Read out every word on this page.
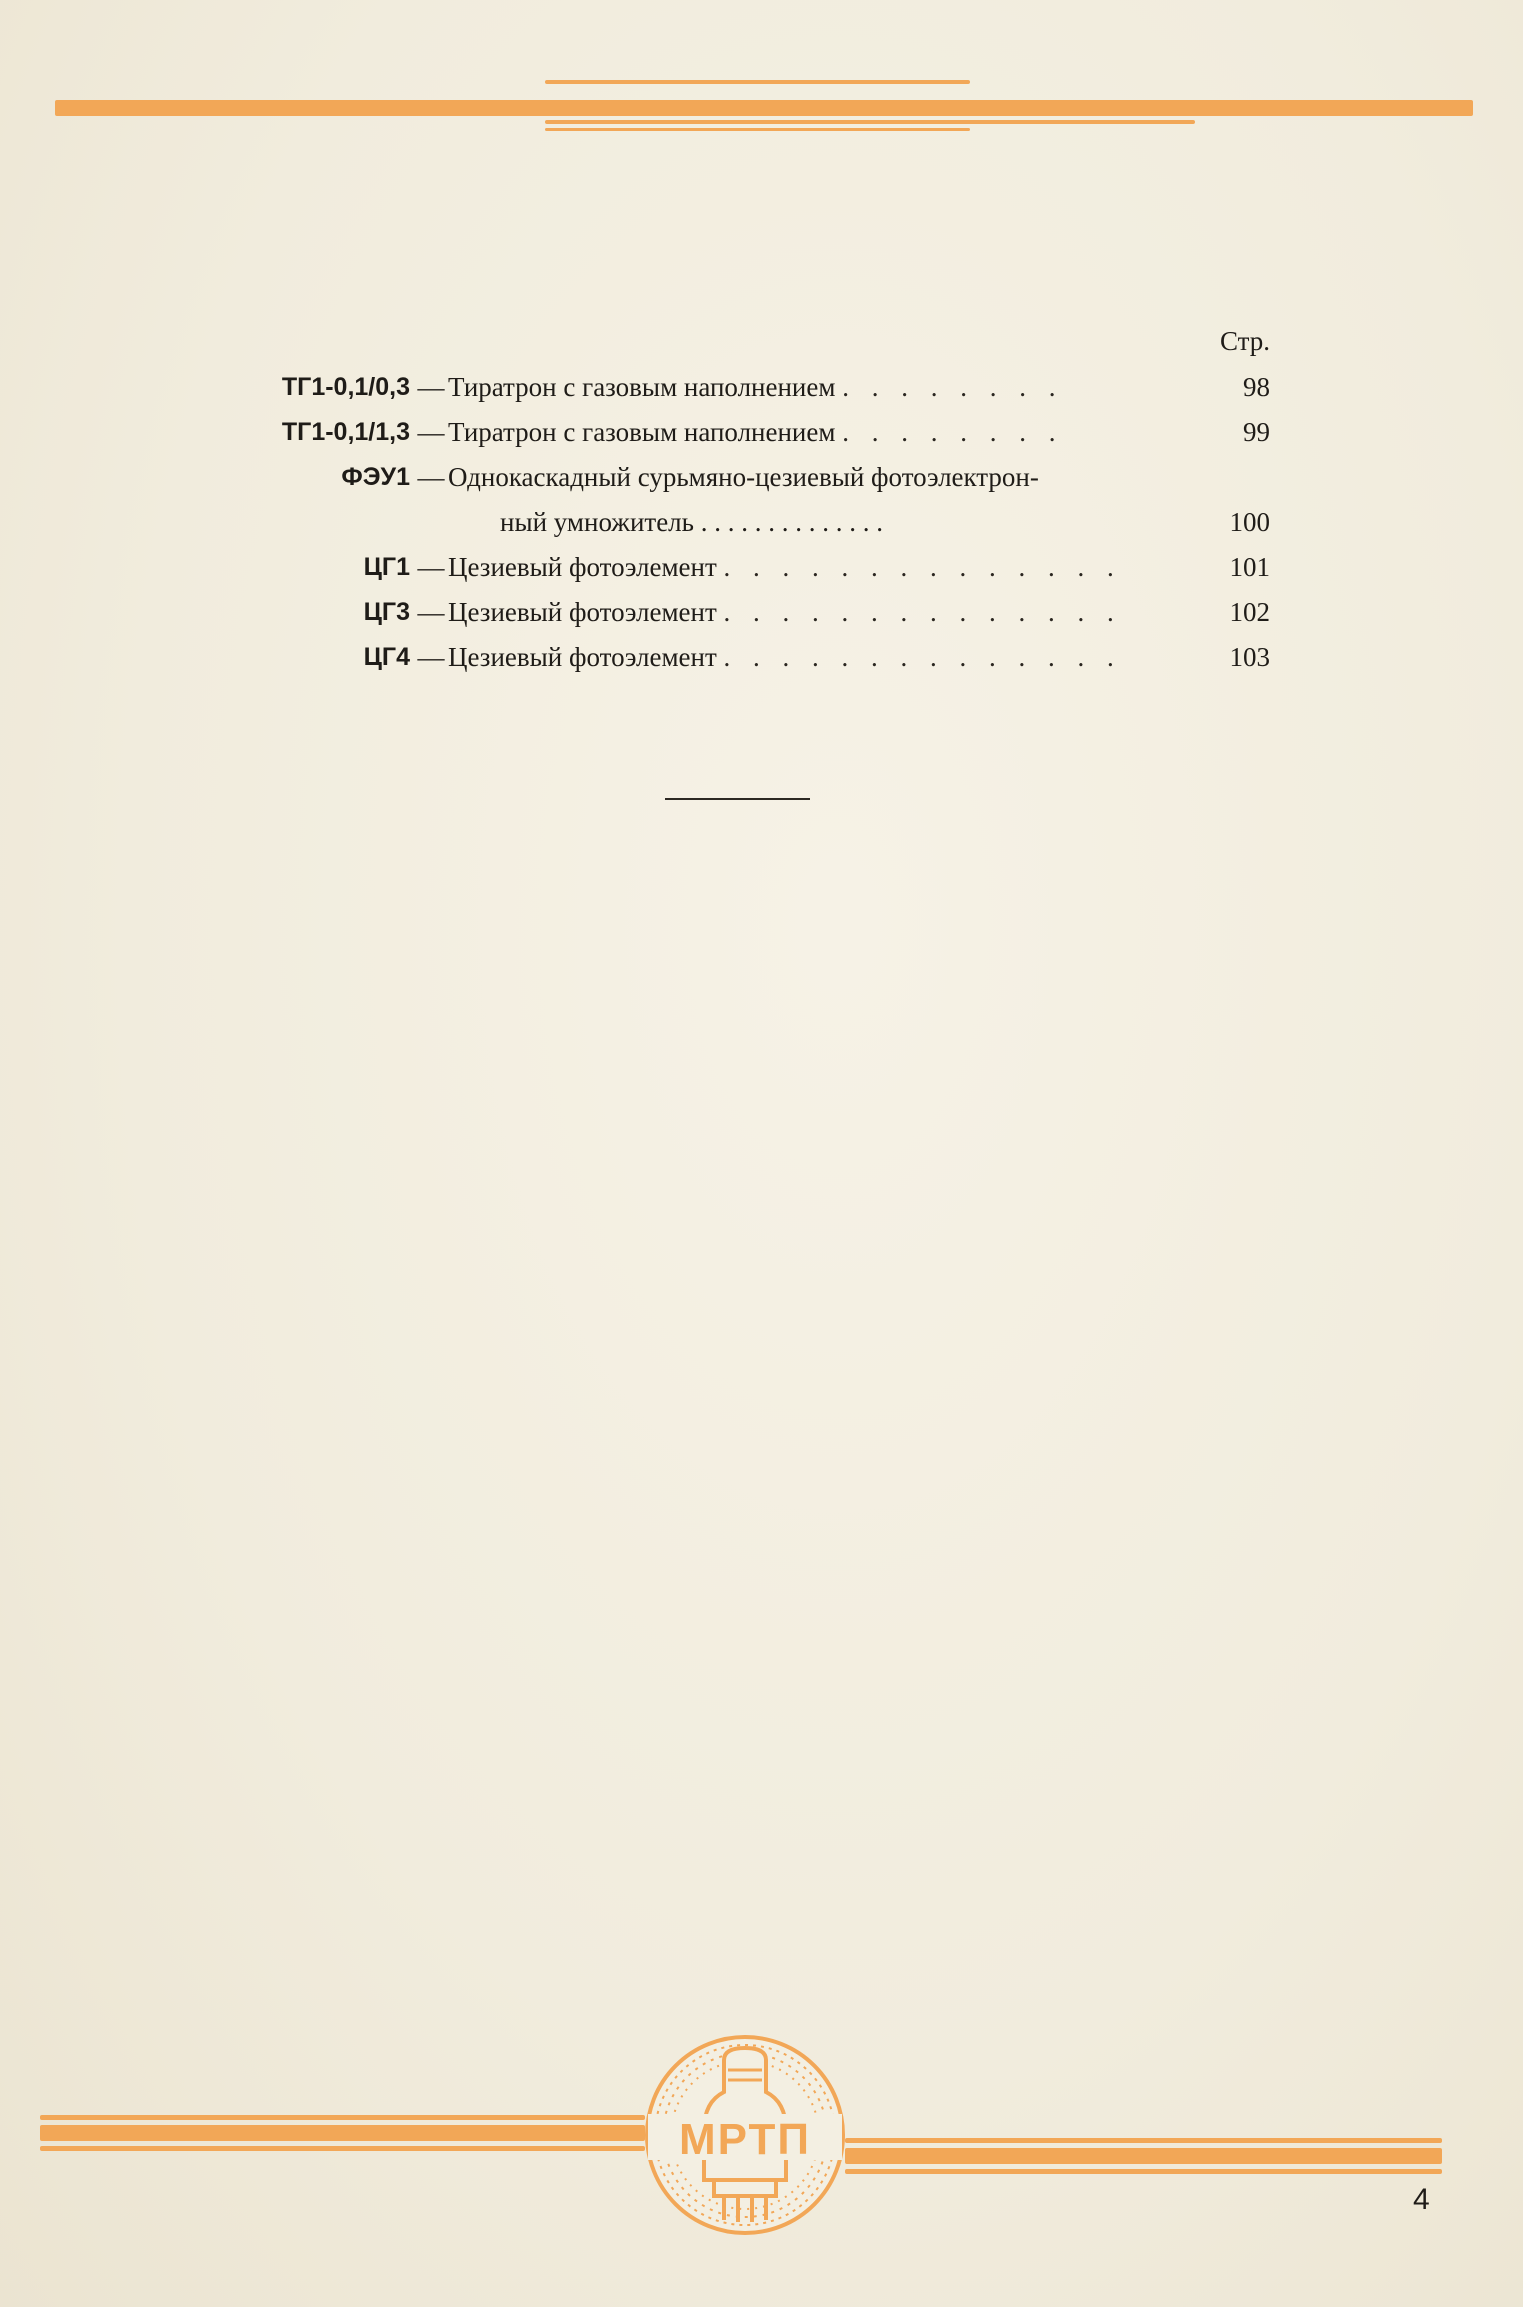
Стр.
ТГ1-0,1/0,3 — Тиратрон с газовым наполнением . . . . . . . .	98
ТГ1-0,1/1,3 — Тиратрон с газовым наполнением . . . . . . . .	99
ФЭУ1 — Однокаскадный сурьмяно-цезиевый фотоэлектрон-
ный умножитель . . . . . . . . . . . . . .	100
ЦГ1 — Цезиевый фотоэлемент . . . . . . . . . . . . . .	101
ЦГ3 — Цезиевый фотоэлемент . . . . . . . . . . . . . .	102
ЦГ4 — Цезиевый фотоэлемент . . . . . . . . . . . . . .	103
МРТП
4
